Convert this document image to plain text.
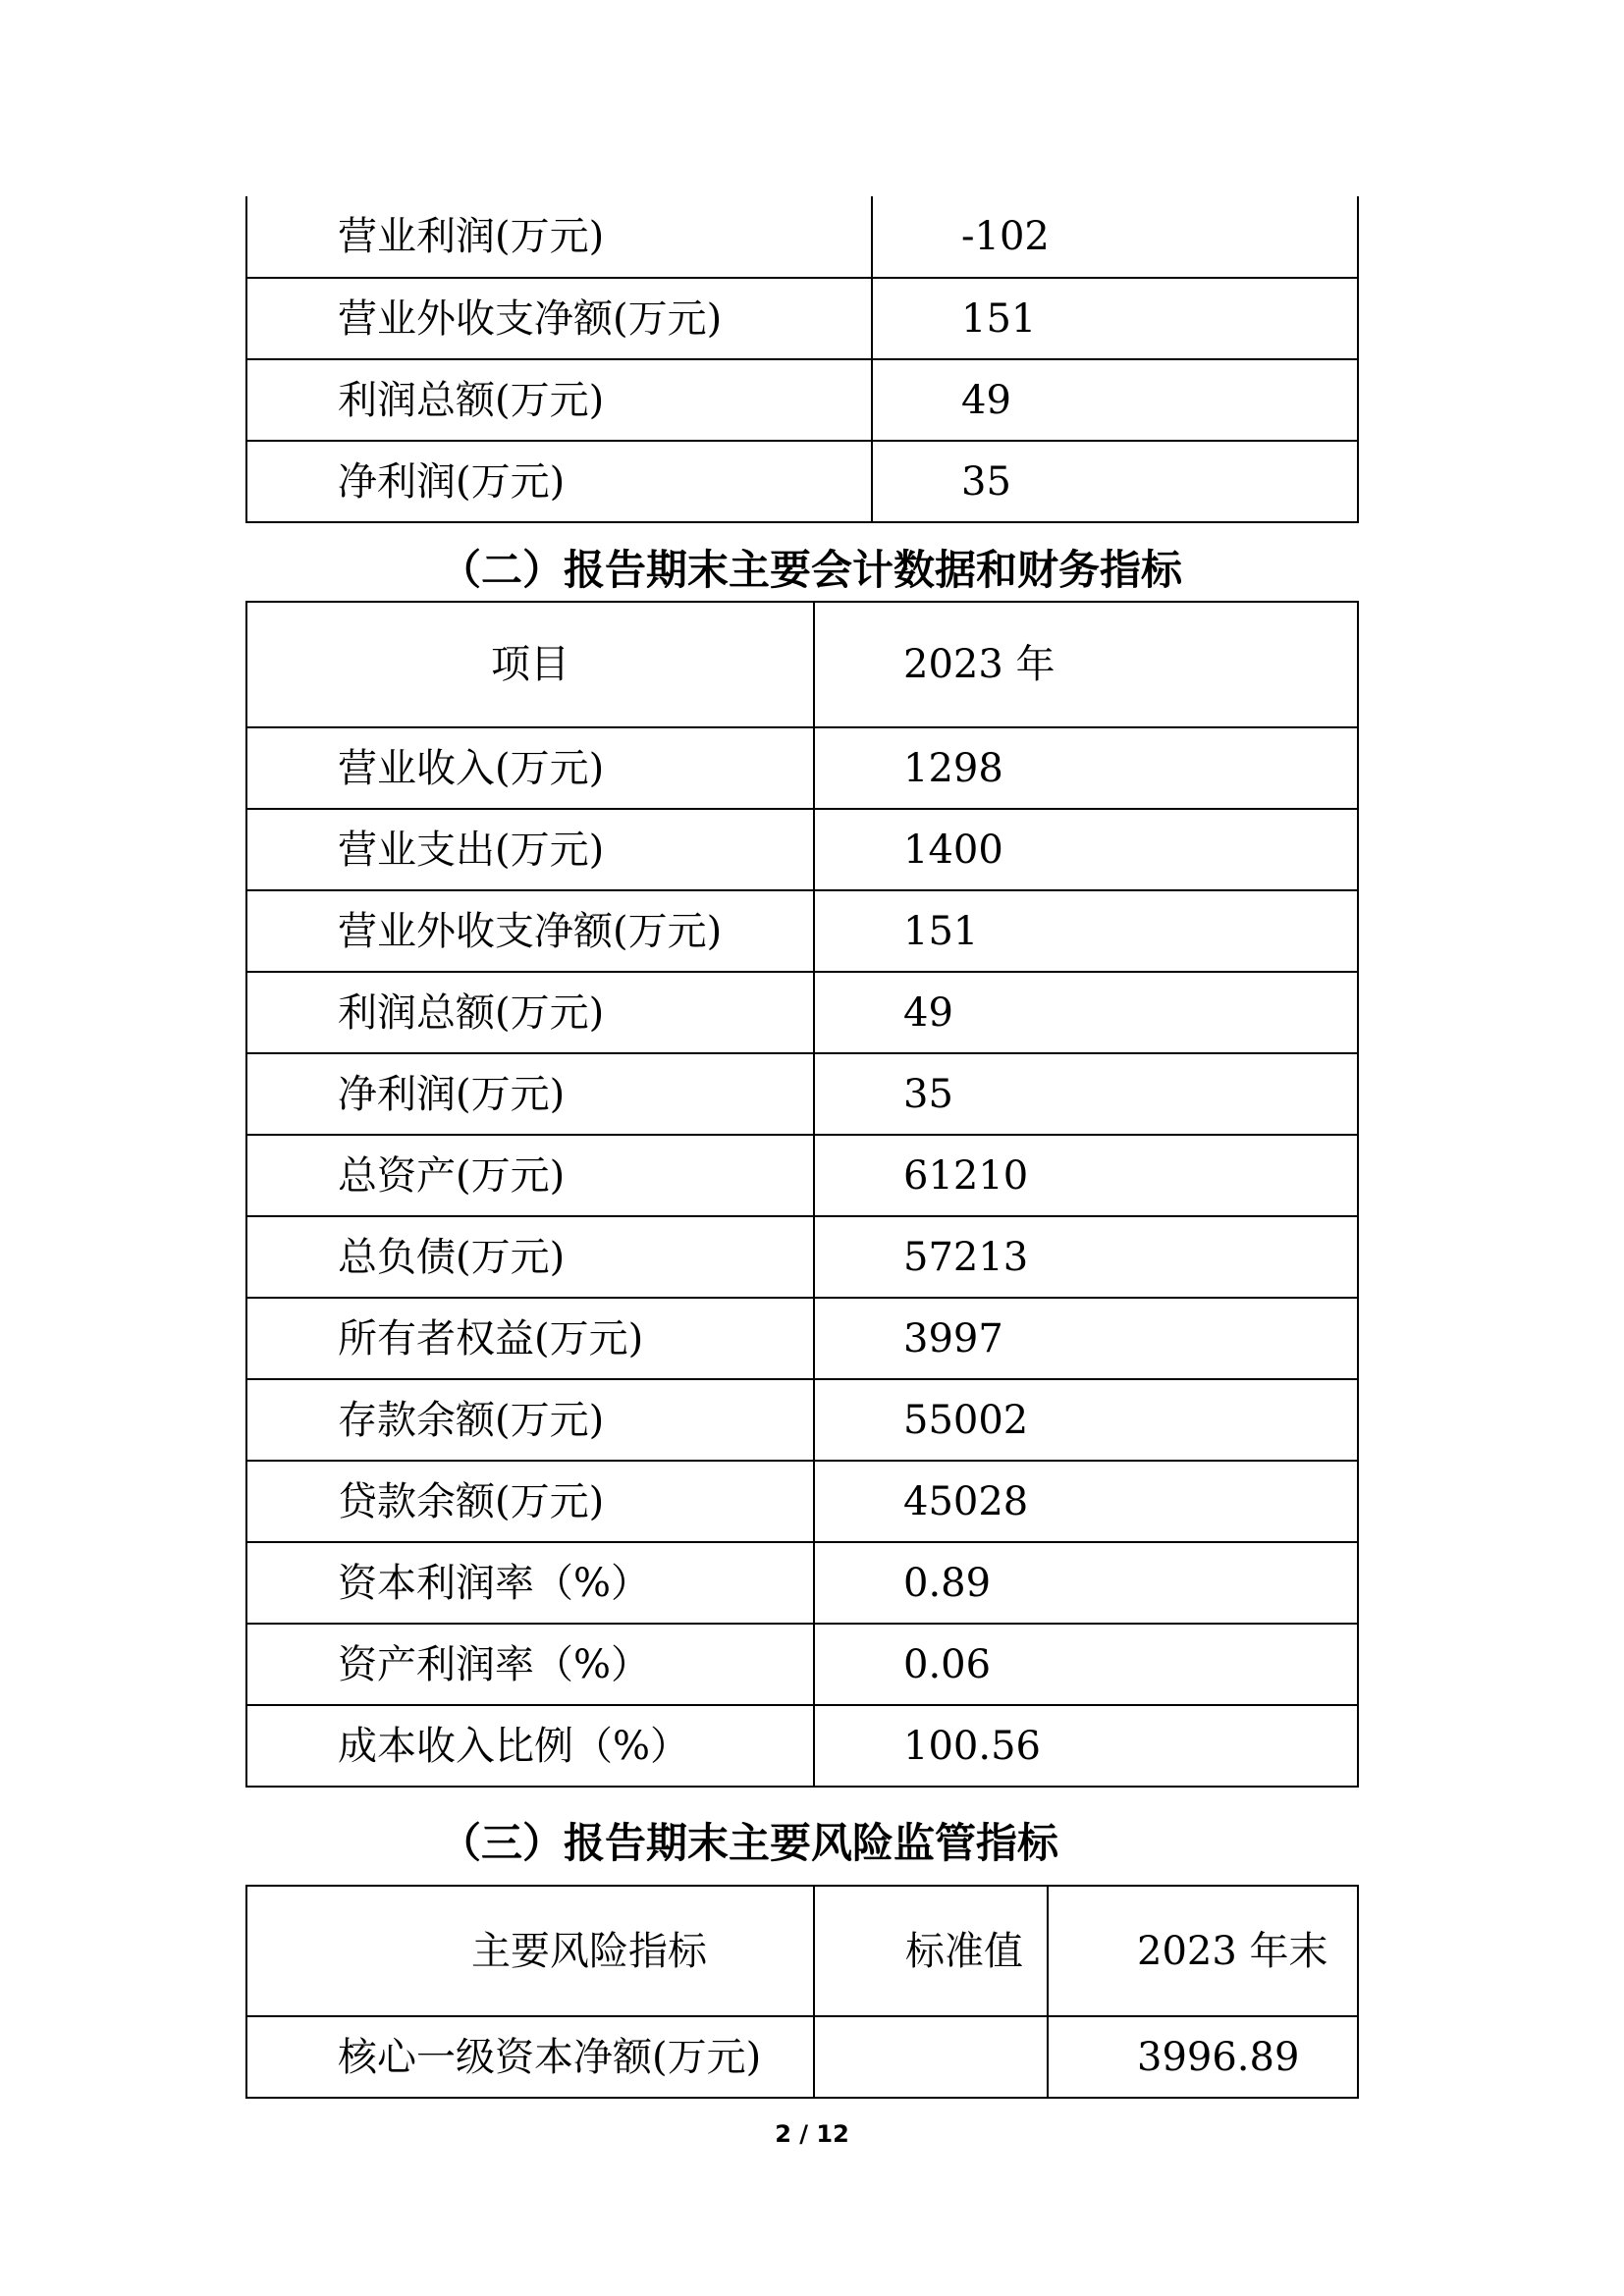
营业利润(万元)	-102
营业外收支净额(万元)	151
利润总额(万元)	49
净利润(万元)	35
（二）报告期末主要会计数据和财务指标
项目	2023 年
营业收入(万元)	1298
营业支出(万元)	1400
营业外收支净额(万元)	151
利润总额(万元)	49
净利润(万元)	35
总资产(万元)	61210
总负债(万元)	57213
所有者权益(万元)	3997
存款余额(万元)	55002
贷款余额(万元)	45028
资本利润率（%）	0.89
资产利润率（%）	0.06
成本收入比例（%）	100.56
（三）报告期末主要风险监管指标
主要风险指标	标准值	2023 年末
核心一级资本净额(万元)		3996.89
2 / 12
